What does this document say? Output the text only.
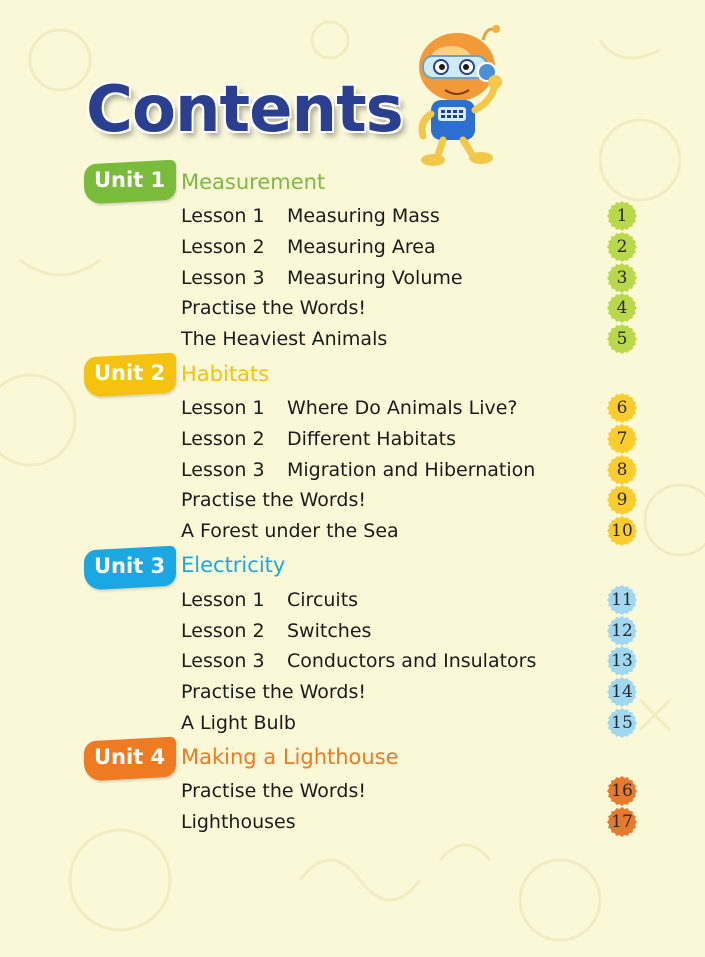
Contents
Unit 1 Measurement
Lesson 1 Measuring Mass	1
Lesson 2 Measuring Area	2
Lesson 3 Measuring Volume	3
Practise the Words!	4
The Heaviest Animals	5
Unit 2 Habitats
Lesson 1 Where Do Animals Live?	6
Lesson 2 Different Habitats	7
Lesson 3 Migration and Hibernation	8
Practise the Words!	9
A Forest under the Sea	10
Unit 3 Electricity
Lesson 1 Circuits	11
Lesson 2 Switches	12
Lesson 3 Conductors and Insulators	13
Practise the Words!	14
A Light Bulb	15
Unit 4 Making a Lighthouse
Practise the Words!	16
Lighthouses	17
